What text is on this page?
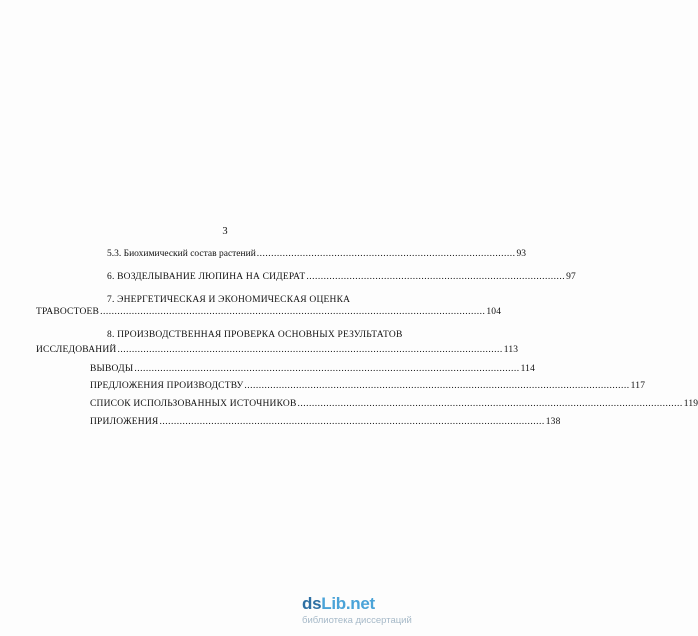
3
5.3. Биохимический состав растений .......................................................................................... 93
6. ВОЗДЕЛЫВАНИЕ ЛЮПИНА НА СИДЕРАТ .......................................................................................... 97
7. ЭНЕРГЕТИЧЕСКАЯ И ЭКОНОМИЧЕСКАЯ ОЦЕНКА
ТРАВОСТОЕВ ...................................................................................................................................... 104
8. ПРОИЗВОДСТВЕННАЯ ПРОВЕРКА ОСНОВНЫХ РЕЗУЛЬТАТОВ
ИССЛЕДОВАНИЙ ...................................................................................................................................... 113
ВЫВОДЫ ...................................................................................................................................... 114
ПРЕДЛОЖЕНИЯ ПРОИЗВОДСТВУ ...................................................................................................................................... 117
СПИСОК ИСПОЛЬЗОВАННЫХ ИСТОЧНИКОВ ...................................................................................................................................... 119
ПРИЛОЖЕНИЯ ...................................................................................................................................... 138
dsLib.net
библиотека диссертаций
